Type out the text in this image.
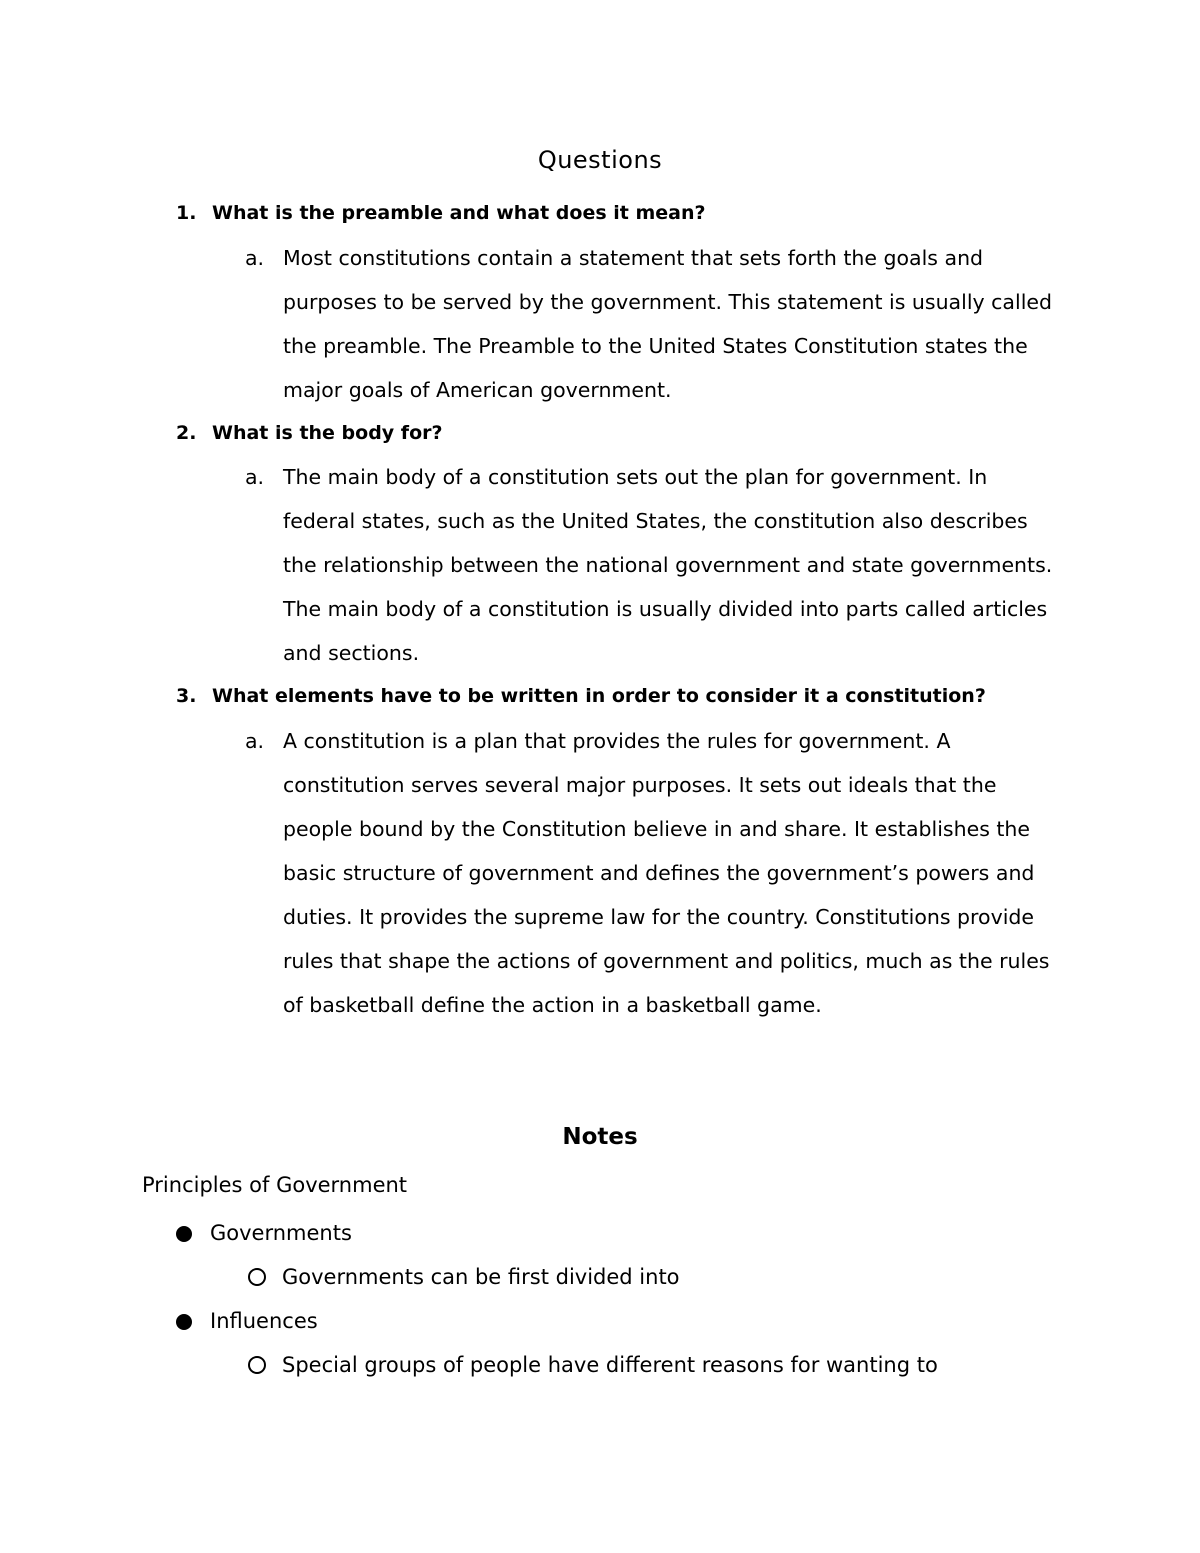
Questions
1. What is the preamble and what does it mean?
a. Most constitutions contain a statement that sets forth the goals and purposes to be served by the government. This statement is usually called the preamble. The Preamble to the United States Constitution states the major goals of American government.
2. What is the body for?
a. The main body of a constitution sets out the plan for government. In federal states, such as the United States, the constitution also describes the relationship between the national government and state governments. The main body of a constitution is usually divided into parts called articles and sections.
3. What elements have to be written in order to consider it a constitution?
a. A constitution is a plan that provides the rules for government. A constitution serves several major purposes. It sets out ideals that the people bound by the Constitution believe in and share. It establishes the basic structure of government and defines the government’s powers and duties. It provides the supreme law for the country. Constitutions provide rules that shape the actions of government and politics, much as the rules of basketball define the action in a basketball game.
Notes
Principles of Government
Governments
Governments can be first divided into
Influences
Special groups of people have different reasons for wanting to
